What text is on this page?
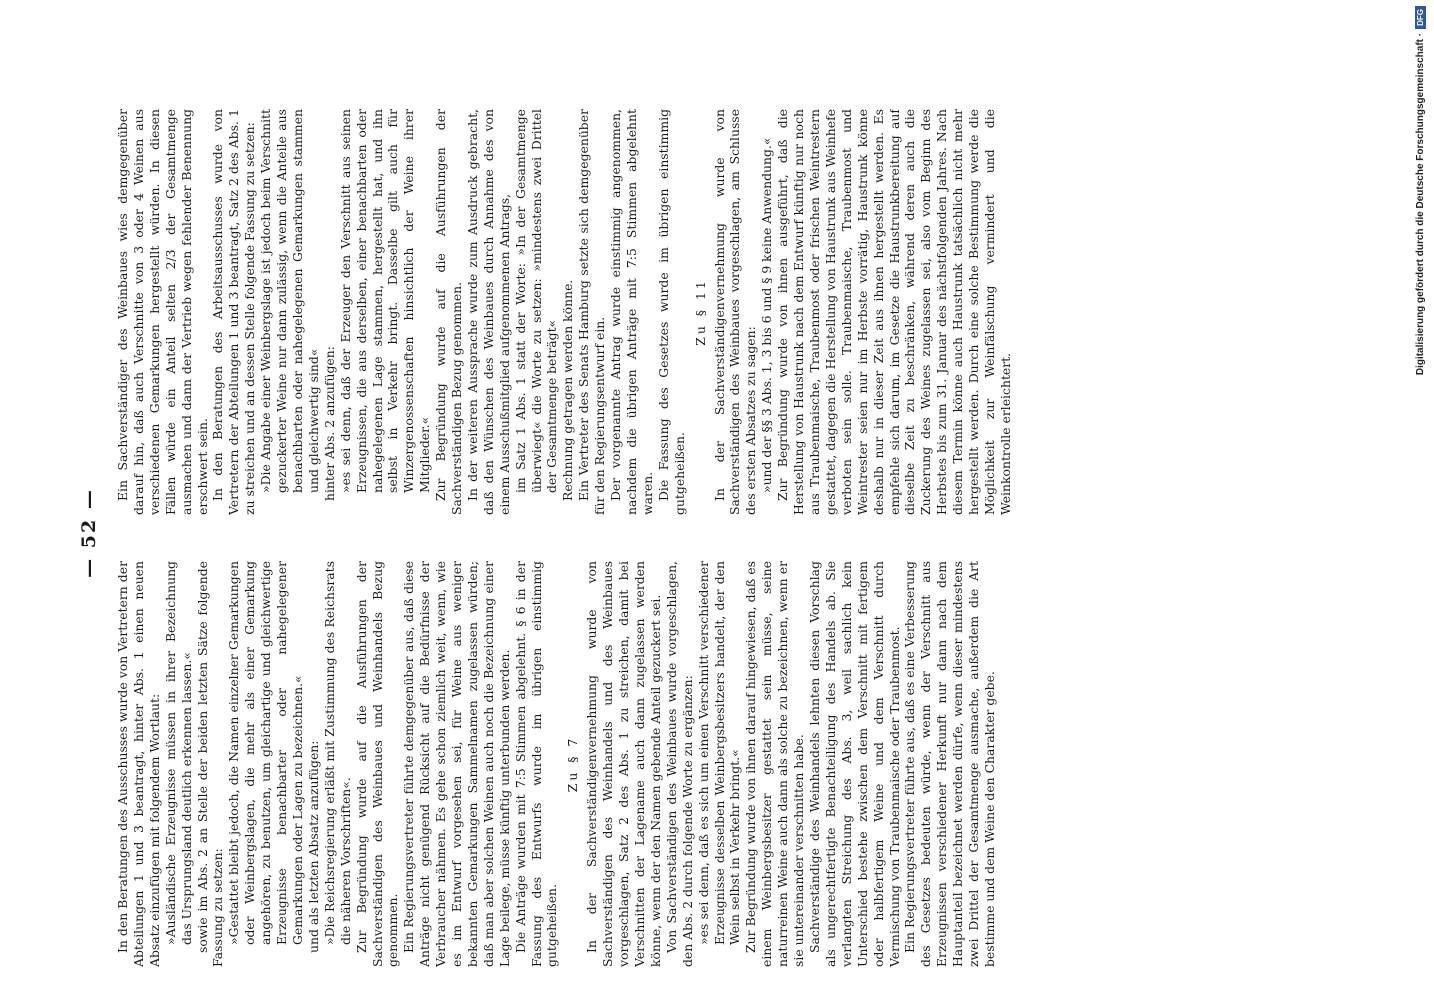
— 52 —

In den Beratungen des Ausschusses wurde von Vertretern der Abteilungen 1 und 3 beantragt, hinter Abs. 1 einen neuen Absatz einzufügen mit folgendem Wortlaut: »Ausländische Erzeugnisse müssen in ihrer Bezeichnung das Ursprungsland deutlich erkennen lassen.« sowie im Abs. 2 an Stelle der beiden letzten Sätze folgende Fassung zu setzen: »Gestattet bleibt jedoch, die Namen einzelner Gemarkungen oder Weinbergslagen, die mehr als einer Gemarkung angehören, zu benutzen, um gleichartige und gleichwertige Erzeugnisse benachbarter oder nahegelegener Gemarkungen oder Lagen zu bezeichnen.« und als letzten Absatz anzufügen: »Die Reichsregierung erläßt mit Zustimmung des Reichsrats die näheren Vorschriften«. Zur Begründung wurde auf die Ausführungen der Sachverständigen des Weinbaues und Weinhandels Bezug genommen. Ein Regierungsvertreter führte demgegenüber aus, daß diese Anträge nicht genügend Rücksicht auf die Bedürfnisse der Verbraucher nähmen. Es gehe schon ziemlich weit, wenn, wie es im Entwurf vorgesehen sei, für Weine aus weniger bekannten Gemarkungen Sammelnamen zugelassen würden; daß man aber solchen Weinen auch noch die Bezeichnung einer Lage beilege, müsse künftig unterbunden werden. Die Anträge wurden mit 7:5 Stimmen abgelehnt. § 6 in der Fassung des Entwurfs wurde im übrigen einstimmig gutgeheißen.

Zu § 7 In der Sachverständigenvernehmung wurde von Sachverständigen des Weinhandels und des Weinbaues vorgeschlagen, Satz 2 des Abs. 1 zu streichen, damit bei Verschnitten der Lagename auch dann zugelassen werden könne, wenn der den Namen gebende Anteil gezuckert sei. Von Sachverständigen des Weinbaues wurde vorgeschlagen, den Abs. 2 durch folgende Worte zu ergänzen: »es sei denn, daß es sich um einen Verschnitt verschiedener Erzeugnisse desselben Weinbergsbesitzers handelt, der den Wein selbst in Verkehr bringt.« Zur Begründung wurde von ihnen darauf hingewiesen, daß es einem Weinbergsbesitzer gestattet sein müsse, seine naturreinen Weine auch dann als solche zu bezeichnen, wenn er sie untereinander verschnitten habe. Sachverständige des Weinhandels lehnten diesen Vorschlag als ungerechtfertigte Benachteiligung des Handels ab. Sie verlangten Streichung des Abs. 3, weil sachlich kein Unterschied bestehe zwischen dem Verschnitt mit fertigem oder halbfertigem Weine und dem Verschnitt durch Vermischung von Traubenmaische oder Traubenmost. Ein Regierungsvertreter führte aus, daß es eine Verbesserung des Gesetzes bedeuten würde, wenn der Verschnitt aus Erzeugnissen verschiedener Herkunft nur dann nach dem Hauptanteil bezeichnet werden dürfe, wenn dieser mindestens zwei Drittel der Gesamtmenge ausmache, außerdem die Art bestimme und dem Weine den Charakter gebe.

Ein Sachverständiger des Weinbaues wies demgegenüber darauf hin, daß auch Verschnitte von 3 oder 4 Weinen aus verschiedenen Gemarkungen hergestellt würden. In diesen Fällen würde ein Anteil selten 2/3 der Gesamtmenge ausmachen und dann der Vertrieb wegen fehlender Benennung erschwert sein. In den Beratungen des Arbeitsausschusses wurde von Vertretern der Abteilungen 1 und 3 beantragt, Satz 2 des Abs. 1 zu streichen und an dessen Stelle folgende Fassung zu setzen: »Die Angabe einer Weinbergslage ist jedoch beim Verschnitt gezuckerter Weine nur dann zulässig, wenn die Anteile aus benachbarten oder nahegelegenen Gemarkungen stammen und gleichwertig sind« hinter Abs. 2 anzufügen: »es sei denn, daß der Erzeuger den Verschnitt aus seinen Erzeugnissen, die aus derselben, einer benachbarten oder nahegelegenen Lage stammen, hergestellt hat, und ihn selbst in Verkehr bringt. Dasselbe gilt auch für Winzergenossenschaften hinsichtlich der Weine ihrer Mitglieder.« Zur Begründung wurde auf die Ausführungen der Sachverständigen Bezug genommen. In der weiteren Aussprache wurde zum Ausdruck gebracht, daß den Wünschen des Weinbaues durch Annahme des von einem Ausschußmitglied aufgenommenen Antrags, im Satz 1 Abs. 1 statt der Worte: »In der Gesamtmenge überwiegt« die Worte zu setzen: »mindestens zwei Drittel der Gesamtmenge beträgt« Rechnung getragen werden könne. Ein Vertreter des Senats Hamburg setzte sich demgegenüber für den Regierungsentwurf ein. Der vorgenannte Antrag wurde einstimmig angenommen, nachdem die übrigen Anträge mit 7:5 Stimmen abgelehnt waren. Die Fassung des Gesetzes wurde im übrigen einstimmig gutgeheißen.

Zu § 11 In der Sachverständigenvernehmung wurde von Sachverständigen des Weinbaues vorgeschlagen, am Schlusse des ersten Absatzes zu sagen: »und der §§ 3 Abs. 1, 3 bis 6 und § 9 keine Anwendung.« Zur Begründung wurde von ihnen ausgeführt, daß die Herstellung von Haustrunk nach dem Entwurf künftig nur noch aus Traubenmaische, Traubenmost oder frischen Weintrestern gestattet, dagegen die Herstellung von Haustrunk aus Weinhefe verboten sein solle. Traubenmaische, Traubenmost und Weintrester seien nur im Herbste vorrätig, Haustrunk könne deshalb nur in dieser Zeit aus ihnen hergestellt werden. Es empfehle sich darum, im Gesetze die Haustrunkbereitung auf dieselbe Zeit zu beschränken, während deren auch die Zuckerung des Weines zugelassen sei, also vom Beginn des Herbstes bis zum 31. Januar des nächstfolgenden Jahres. Nach diesem Termin könne auch Haustrunk tatsächlich nicht mehr hergestellt werden. Durch eine solche Bestimmung werde die Möglichkeit zur Weinfälschung vermindert und die Weinkontrolle erleichtert.

Digitalisierung gefördert durch die Deutsche Forschungsgemeinschaft ·
DFG
